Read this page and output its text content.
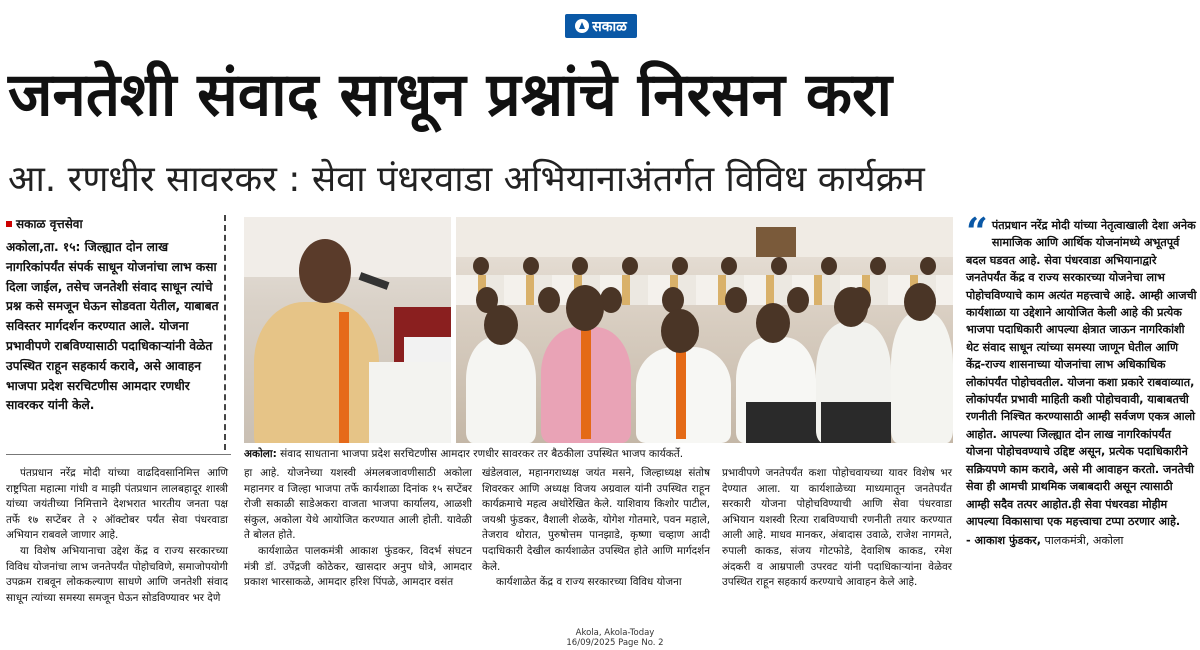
सकाळ
जनतेशी संवाद साधून प्रश्नांचे निरसन करा
आ. रणधीर सावरकर : सेवा पंधरवाडा अभियानाअंतर्गत विविध कार्यक्रम
सकाळ वृत्तसेवा
अकोला,ता. १५: जिल्ह्यात दोन लाख नागरिकांपर्यंत संपर्क साधून योजनांचा लाभ कसा दिला जाईल, तसेच जनतेशी संवाद साधून त्यांचे प्रश्न कसे समजून घेऊन सोडवता येतील, याबाबत सविस्तर मार्गदर्शन करण्यात आले. योजना प्रभावीपणे राबविण्यासाठी पदाधिकाऱ्यांनी वेळेत उपस्थित राहून सहकार्य करावे, असे आवाहन भाजपा प्रदेश सरचिटणीस आमदार रणधीर सावरकर यांनी केले.
अकोला: संवाद साधताना भाजपा प्रदेश सरचिटणीस आमदार रणधीर सावरकर तर बैठकीला उपस्थित भाजप कार्यकर्ते.

पंतप्रधान नरेंद्र मोदी यांच्या वाढदिवसानिमित्त आणि राष्ट्रपिता महात्मा गांधी व माझी पंतप्रधान लालबहादूर शास्त्री यांच्या जयंतीच्या निमित्ताने देशभरात भारतीय जनता पक्ष तर्फे १७ सप्टेंबर ते २ ऑक्टोबर पर्यंत सेवा पंधरवाडा अभियान राबवले जाणार आहे.

या विशेष अभियानाचा उद्देश केंद्र व राज्य सरकारच्या विविध योजनांचा लाभ जनतेपर्यंत पोहोचविणे, समाजोपयोगी उपक्रम राबवून लोककल्याण साधणे आणि जनतेशी संवाद साधून त्यांच्या समस्या समजून घेऊन सोडविण्यावर भर देणे

हा आहे. योजनेच्या यशस्वी अंमलबजावणीसाठी अकोला महानगर व जिल्हा भाजपा तर्फे कार्यशाळा दिनांक १५ सप्टेंबर रोजी सकाळी साडेअकरा वाजता भाजपा कार्यालय, आळशी संकुल, अकोला येथे आयोजित करण्यात आली होती. यावेळी ते बोलत होते.

कार्यशाळेत पालकमंत्री आकाश फुंडकर, विदर्भ संघटन मंत्री डॉ. उपेंद्रजी कोठेकर, खासदार अनुप धोत्रे, आमदार प्रकाश भारसाकळे, आमदार हरिश पिंपळे, आमदार वसंत

खंडेलवाल, महानगराध्यक्ष जयंत मसने, जिल्हाध्यक्ष संतोष शिवरकर आणि अध्यक्ष विजय अग्रवाल यांनी उपस्थित राहून कार्यक्रमाचे महत्व अधोरेखित केले. याशिवाय किशोर पाटील, जयश्री फुंडकर, वैशाली शेळके, योगेश गोतमारे, पवन महाले, तेजराव थोरात, पुरुषोत्तम पानझाडे, कृष्णा चव्हाण आदी पदाधिकारी देखील कार्यशाळेत उपस्थित होते आणि मार्गदर्शन केले.

कार्यशाळेत केंद्र व राज्य सरकारच्या विविध योजना

प्रभावीपणे जनतेपर्यंत कशा पोहोचवायच्या यावर विशेष भर देण्यात आला. या कार्यशाळेच्या माध्यमातून जनतेपर्यंत सरकारी योजना पोहोचविण्याची आणि सेवा पंधरवाडा अभियान यशस्वी रित्या राबविण्याची रणनीती तयार करण्यात आली आहे. माधव मानकर, अंबादास उवाळे, राजेश नागमते, रुपाली काकड, संजय गोटफोडे, देवाशिष काकड, रमेश अंदकरी व आम्रपाली उपरवट यांनी पदाधिकाऱ्यांना वेळेवर उपस्थित राहून सहकार्य करण्याचे आवाहन केले आहे.

“ पंतप्रधान नरेंद्र मोदी यांच्या नेतृत्वाखाली देशा अनेक सामाजिक आणि आर्थिक योजनांमध्ये अभूतपूर्व बदल घडवत आहे. सेवा पंधरवाडा अभियानाद्वारे जनतेपर्यंत केंद्र व राज्य सरकारच्या योजनेचा लाभ पोहोचविण्याचे काम अत्यंत महत्त्वाचे आहे. आम्ही आजची कार्यशाळा या उद्देशाने आयोजित केली आहे की प्रत्येक भाजपा पदाधिकारी आपल्या क्षेत्रात जाऊन नागरिकांशी थेट संवाद साधून त्यांच्या समस्या जाणून घेतील आणि केंद्र-राज्य शासनाच्या योजनांचा लाभ अधिकाधिक लोकांपर्यंत पोहोचवतील. योजना कशा प्रकारे राबवाव्यात, लोकांपर्यंत प्रभावी माहिती कशी पोहोचवावी, याबाबतची रणनीती निश्चित करण्यासाठी आम्ही सर्वजण एकत्र आलो आहोत. आपल्या जिल्ह्यात दोन लाख नागरिकांपर्यंत योजना पोहोचवण्याचे उद्दिष्ट असून, प्रत्येक पदाधिकारीने सक्रियपणे काम करावे, असे मी आवाहन करतो. जनतेची सेवा ही आमची प्राथमिक जबाबदारी असून त्यासाठी आम्ही सदैव तत्पर आहोत.ही सेवा पंधरवडा मोहीम आपल्या विकासाचा एक महत्त्वाचा टप्पा ठरणार आहे.
- आकाश फुंडकर, पालकमंत्री, अकोला
Akola, Akola-Today
16/09/2025 Page No. 2
